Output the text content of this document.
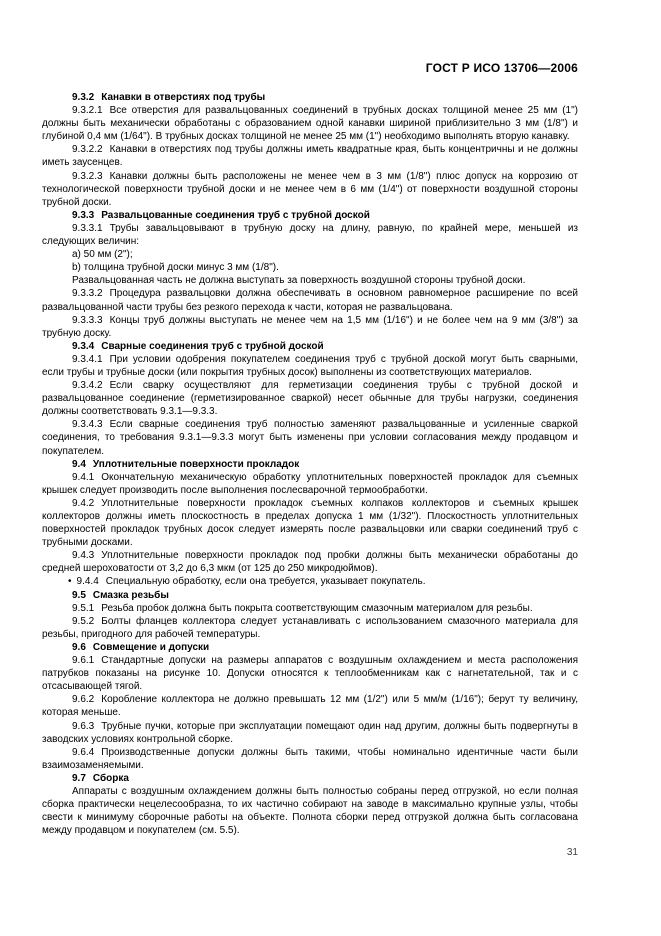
ГОСТ Р ИСО 13706—2006

9.3.2 Канавки в отверстиях под трубы

9.3.2.1 Все отверстия для развальцованных соединений в трубных досках толщиной менее 25 мм (1") должны быть механически обработаны с образованием одной канавки шириной приблизительно 3 мм (1/8") и глубиной 0,4 мм (1/64"). В трубных досках толщиной не менее 25 мм (1") необходимо выполнять вторую канавку.

9.3.2.2 Канавки в отверстиях под трубы должны иметь квадратные края, быть концентричны и не должны иметь заусенцев.

9.3.2.3 Канавки должны быть расположены не менее чем в 3 мм (1/8") плюс допуск на коррозию от технологической поверхности трубной доски и не менее чем в 6 мм (1/4") от поверхности воздушной стороны трубной доски.

9.3.3 Развальцованные соединения труб с трубной доской

9.3.3.1 Трубы завальцовывают в трубную доску на длину, равную, по крайней мере, меньшей из следующих величин:

a) 50 мм (2");

b) толщина трубной доски минус 3 мм (1/8").

Развальцованная часть не должна выступать за поверхность воздушной стороны трубной доски.

9.3.3.2 Процедура развальцовки должна обеспечивать в основном равномерное расширение по всей развальцованной части трубы без резкого перехода к части, которая не развальцована.

9.3.3.3 Концы труб должны выступать не менее чем на 1,5 мм (1/16") и не более чем на 9 мм (3/8") за трубную доску.

9.3.4 Сварные соединения труб с трубной доской

9.3.4.1 При условии одобрения покупателем соединения труб с трубной доской могут быть сварными, если трубы и трубные доски (или покрытия трубных досок) выполнены из соответствующих материалов.

9.3.4.2 Если сварку осуществляют для герметизации соединения трубы с трубной доской и развальцованное соединение (герметизированное сваркой) несет обычные для трубы нагрузки, соединения должны соответствовать 9.3.1—9.3.3.

9.3.4.3 Если сварные соединения труб полностью заменяют развальцованные и усиленные сваркой соединения, то требования 9.3.1—9.3.3 могут быть изменены при условии согласования между продавцом и покупателем.

9.4 Уплотнительные поверхности прокладок

9.4.1 Окончательную механическую обработку уплотнительных поверхностей прокладок для съемных крышек следует производить после выполнения послесварочной термообработки.

9.4.2 Уплотнительные поверхности прокладок съемных колпаков коллекторов и съемных крышек коллекторов должны иметь плоскостность в пределах допуска 1 мм (1/32"). Плоскостность уплотнительных поверхностей прокладок трубных досок следует измерять после развальцовки или сварки соединений труб с трубными досками.

9.4.3 Уплотнительные поверхности прокладок под пробки должны быть механически обработаны до средней шероховатости от 3,2 до 6,3 мкм (от 125 до 250 микродюймов).

• 9.4.4 Специальную обработку, если она требуется, указывает покупатель.

9.5 Смазка резьбы

9.5.1 Резьба пробок должна быть покрыта соответствующим смазочным материалом для резьбы.

9.5.2 Болты фланцев коллектора следует устанавливать с использованием смазочного материала для резьбы, пригодного для рабочей температуры.

9.6 Совмещение и допуски

9.6.1 Стандартные допуски на размеры аппаратов с воздушным охлаждением и места расположения патрубков показаны на рисунке 10. Допуски относятся к теплообменникам как с нагнетательной, так и с отсасывающей тягой.

9.6.2 Коробление коллектора не должно превышать 12 мм (1/2") или 5 мм/м (1/16"); берут ту величину, которая меньше.

9.6.3 Трубные пучки, которые при эксплуатации помещают один над другим, должны быть подвергнуты в заводских условиях контрольной сборке.

9.6.4 Производственные допуски должны быть такими, чтобы номинально идентичные части были взаимозаменяемыми.

9.7 Сборка

Аппараты с воздушным охлаждением должны быть полностью собраны перед отгрузкой, но если полная сборка практически нецелесообразна, то их частично собирают на заводе в максимально крупные узлы, чтобы свести к минимуму сборочные работы на объекте. Полнота сборки перед отгрузкой должна быть согласована между продавцом и покупателем (см. 5.5).

31
